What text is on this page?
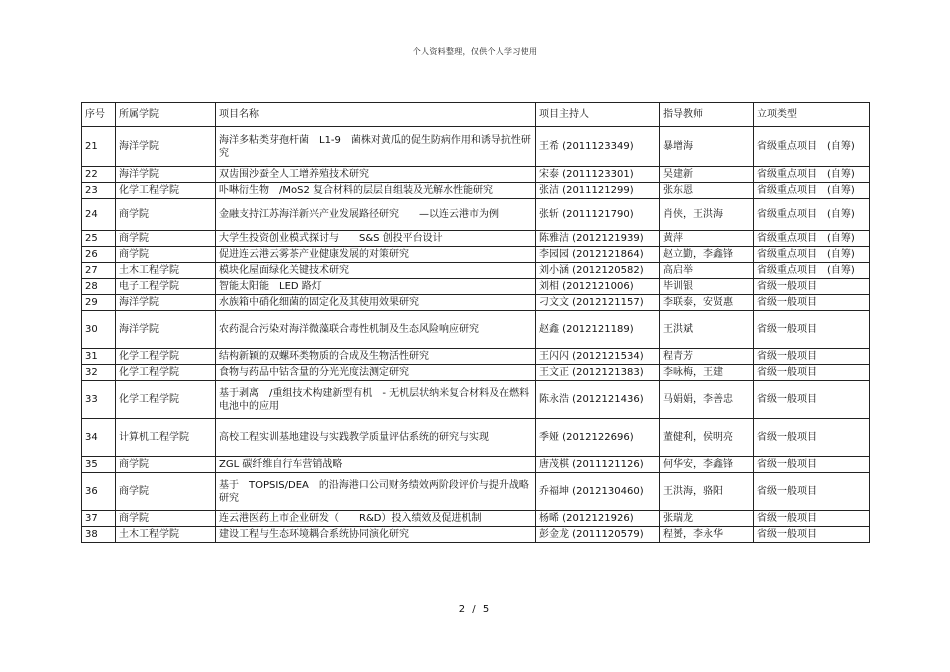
个人资料整理，仅供个人学习使用
序号	所属学院	项目名称	项目主持人	指导教师	立项类型
21	海洋学院	海洋多粘类芽孢杆菌　L1-9　菌株对黄瓜的促生防病作用和诱导抗性研究	王希 (2011123349)	暴增海	省级重点项目　(自筹)
22	海洋学院	双齿围沙蚕全人工增养殖技术研究	宋泰 (2011123301)	吴建新	省级重点项目　(自筹)
23	化学工程学院	卟啉衍生物　/MoS2 复合材料的层层自组装及光解水性能研究	张洁 (2011121299)	张东恩	省级重点项目　(自筹)
24	商学院	金融支持江苏海洋新兴产业发展路径研究　　—以连云港市为例	张斩 (2011121790)	肖侠，王洪海	省级重点项目　(自筹)
25	商学院	大学生投资创业模式探讨与　　S&S 创投平台设计	陈雅洁 (2012121939)	黄萍	省级重点项目　(自筹)
26	商学院	促进连云港云雾茶产业健康发展的对策研究	李园园 (2012121864)	赵立勤，李鑫锋	省级重点项目　(自筹)
27	土木工程学院	模块化屋面绿化关键技术研究	刘小涵 (2012120582)	高启举	省级重点项目　(自筹)
28	电子工程学院	智能太阳能　LED 路灯	刘相 (2012121006)	毕训银	省级一般项目
29	海洋学院	水族箱中硝化细菌的固定化及其使用效果研究	刁文文 (2012121157)	李联泰，安贤惠	省级一般项目
30	海洋学院	农药混合污染对海洋微藻联合毒性机制及生态风险响应研究	赵鑫 (2012121189)	王洪斌	省级一般项目
31	化学工程学院	结构新颖的双螺环类物质的合成及生物活性研究	王闪闪 (2012121534)	程青芳	省级一般项目
32	化学工程学院	食物与药品中钴含量的分光光度法测定研究	王文正 (2012121383)	李咏梅，王建	省级一般项目
33	化学工程学院	基于剥离　/重组技术构建新型有机　- 无机层状纳米复合材料及在燃料电池中的应用	陈永浩 (2012121436)	马娟娟，李善忠	省级一般项目
34	计算机工程学院	高校工程实训基地建设与实践教学质量评估系统的研究与实现	季娅 (2012122696)	董健利，侯明亮	省级一般项目
35	商学院	ZGL 碳纤维自行车营销战略	唐茂棋 (2011121126)	何华安，李鑫锋	省级一般项目
36	商学院	基于　TOPSIS/DEA　的沿海港口公司财务绩效两阶段评价与提升战略研究	乔福坤 (2012130460)	王洪海，骆阳	省级一般项目
37	商学院	连云港医药上市企业研发（　　R&D）投入绩效及促进机制	杨晞 (2012121926)	张瑞龙	省级一般项目
38	土木工程学院	建设工程与生态环境耦合系统协同演化研究	彭金龙 (2011120579)	程赟，李永华	省级一般项目
2 / 5
